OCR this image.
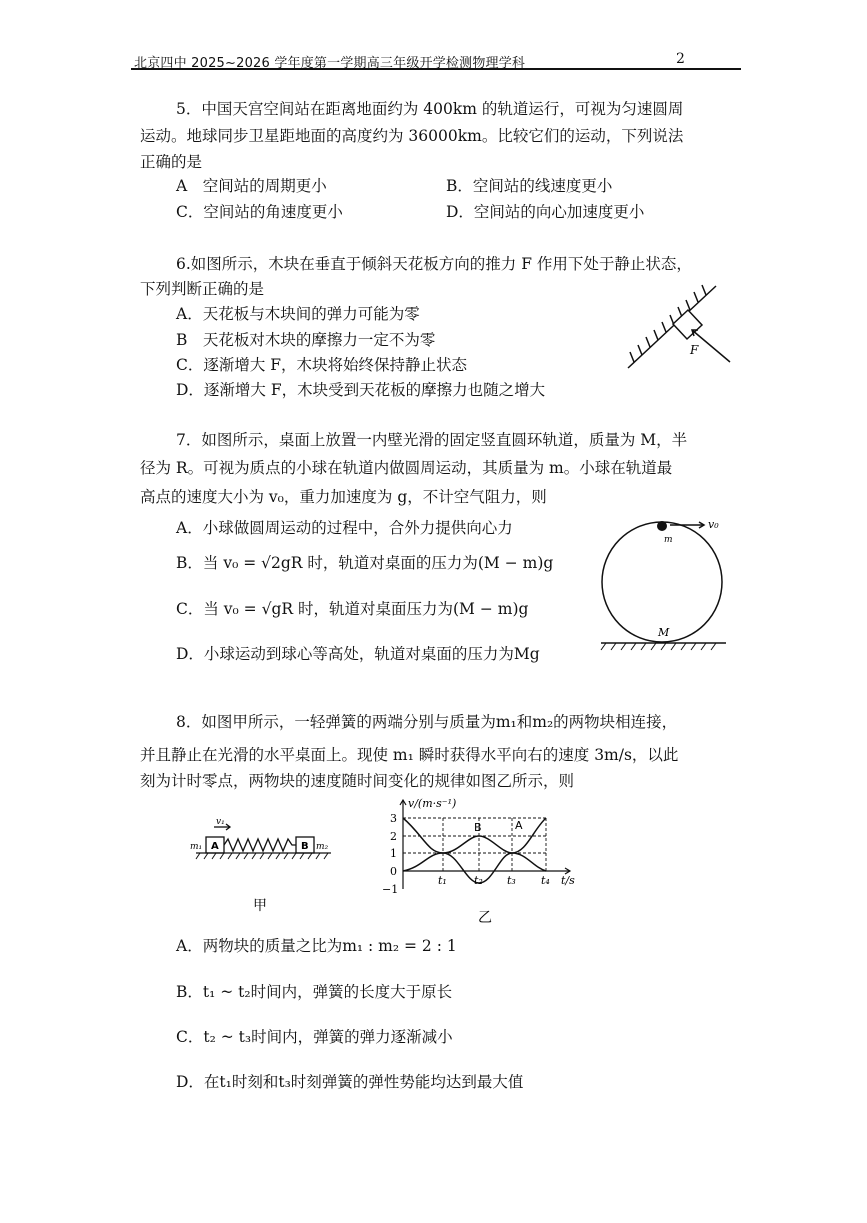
北京四中 2025~2026 学年度第一学期高三年级开学检测物理学科	2
5．中国天宫空间站在距离地面约为 400km 的轨道运行，可视为匀速圆周
运动。地球同步卫星距地面的高度约为 36000km。比较它们的运动，下列说法
正确的是
A　空间站的周期更小	B．空间站的线速度更小
C．空间站的角速度更小	D．空间站的向心加速度更小
6.如图所示，木块在垂直于倾斜天花板方向的推力 F 作用下处于静止状态，
下列判断正确的是
A．天花板与木块间的弹力可能为零
B　天花板对木块的摩擦力一定不为零
C．逐渐增大 F，木块将始终保持静止状态
D．逐渐增大 F，木块受到天花板的摩擦力也随之增大
F
7．如图所示，桌面上放置一内壁光滑的固定竖直圆环轨道，质量为 M，半
径为 R。可视为质点的小球在轨道内做圆周运动，其质量为 m。小球在轨道最
高点的速度大小为 v₀，重力加速度为 g，不计空气阻力，则
A．小球做圆周运动的过程中，合外力提供向心力
B．当 v₀ = √2gR 时，轨道对桌面的压力为(M − m)g
C．当 v₀ = √gR 时，轨道对桌面压力为(M − m)g
D．小球运动到球心等高处，轨道对桌面的压力为Mg
v₀
m
M
8．如图甲所示，一轻弹簧的两端分别与质量为m₁和m₂的两物块相连接，
并且静止在光滑的水平桌面上。现使 m₁ 瞬时获得水平向右的速度 3m/s，以此
刻为计时零点，两物块的速度随时间变化的规律如图乙所示，则
v₁
m₁ A	B m₂
甲
v/(m·s⁻¹)
3
2
1
0
−1
t₁ t₂ t₃ t₄ t/s
B	A
乙
A．两物块的质量之比为m₁ : m₂ = 2 : 1
B．t₁ ~ t₂时间内，弹簧的长度大于原长
C．t₂ ~ t₃时间内，弹簧的弹力逐渐减小
D．在t₁时刻和t₃时刻弹簧的弹性势能均达到最大值
